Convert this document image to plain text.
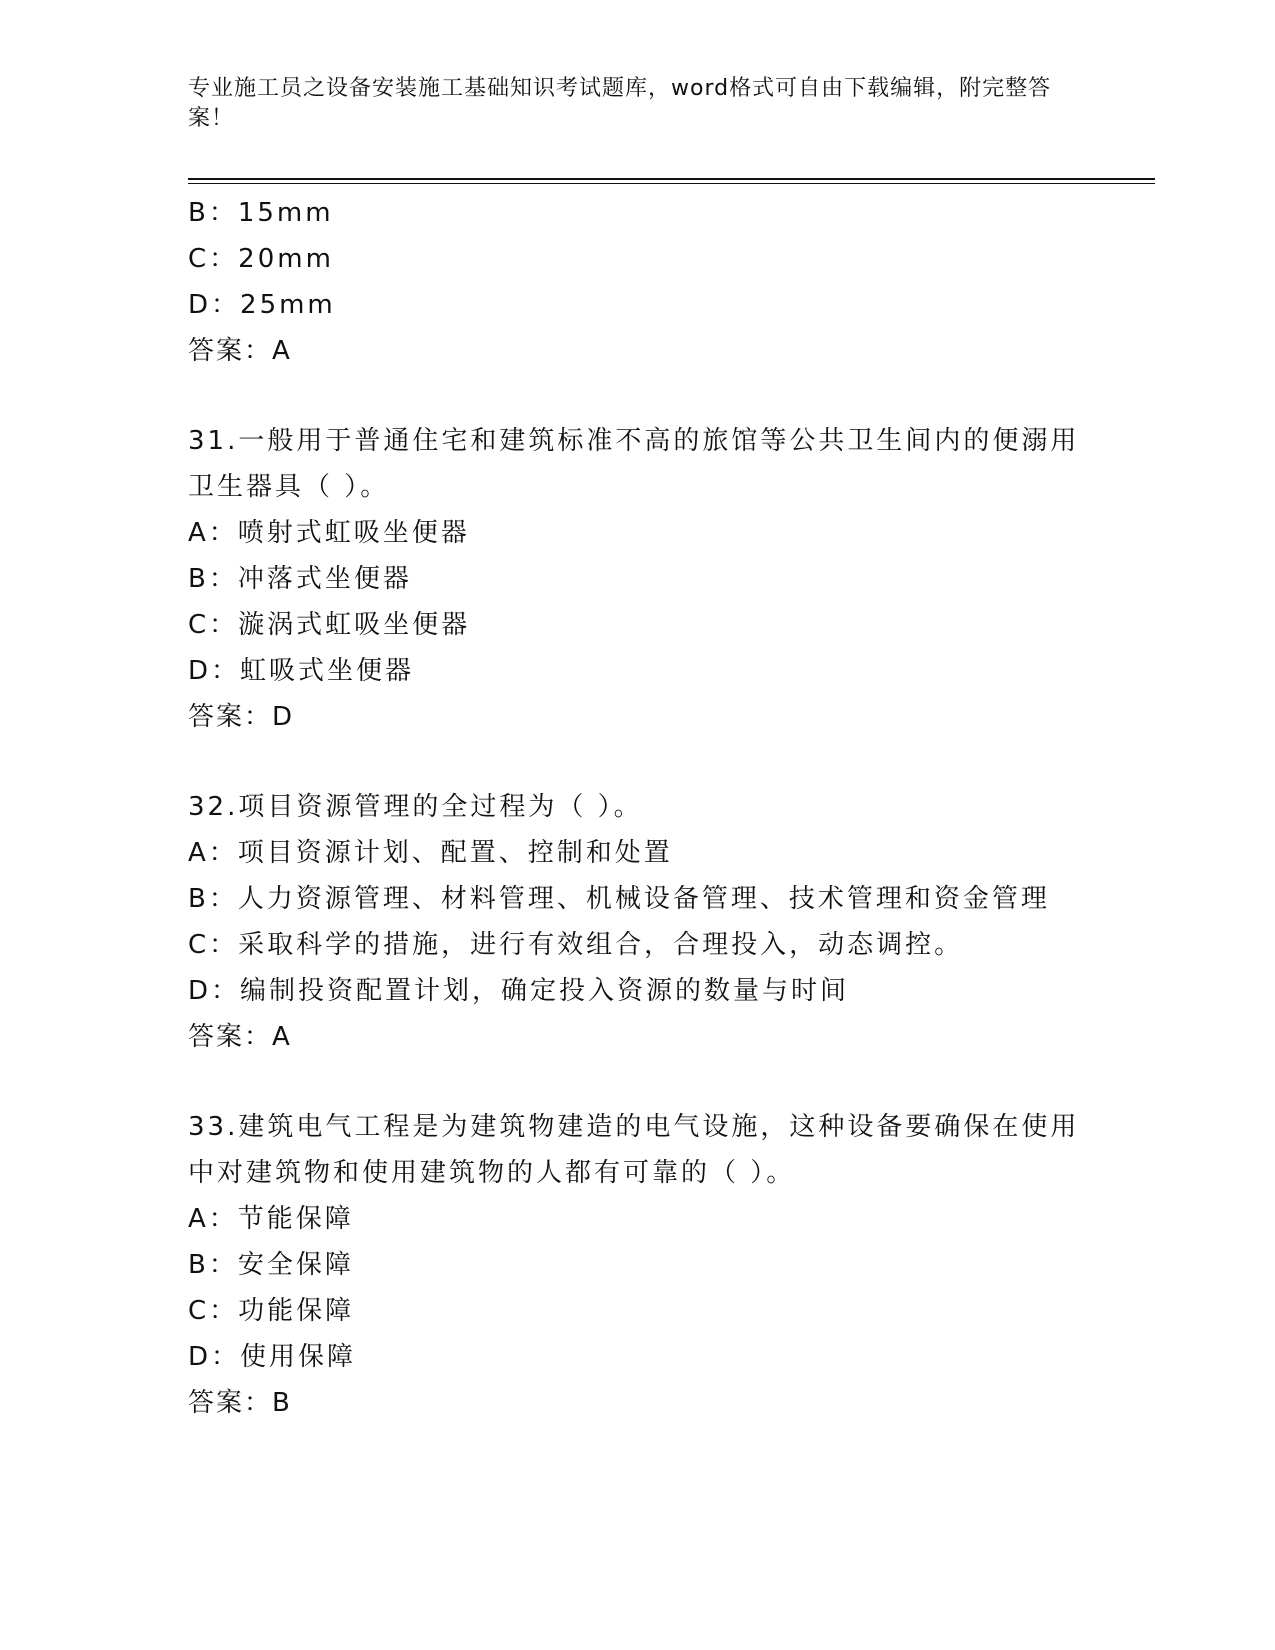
专业施工员之设备安装施工基础知识考试题库，word格式可自由下载编辑，附完整答案！
B：15mm
C：20mm
D：25mm
答案：A
31.一般用于普通住宅和建筑标准不高的旅馆等公共卫生间内的便溺用
卫生器具（ ）。
A：喷射式虹吸坐便器
B：冲落式坐便器
C：漩涡式虹吸坐便器
D：虹吸式坐便器
答案：D
32.项目资源管理的全过程为（ ）。
A：项目资源计划、配置、控制和处置
B：人力资源管理、材料管理、机械设备管理、技术管理和资金管理
C：采取科学的措施，进行有效组合，合理投入，动态调控。
D：编制投资配置计划，确定投入资源的数量与时间
答案：A
33.建筑电气工程是为建筑物建造的电气设施，这种设备要确保在使用
中对建筑物和使用建筑物的人都有可靠的（ ）。
A：节能保障
B：安全保障
C：功能保障
D：使用保障
答案：B
